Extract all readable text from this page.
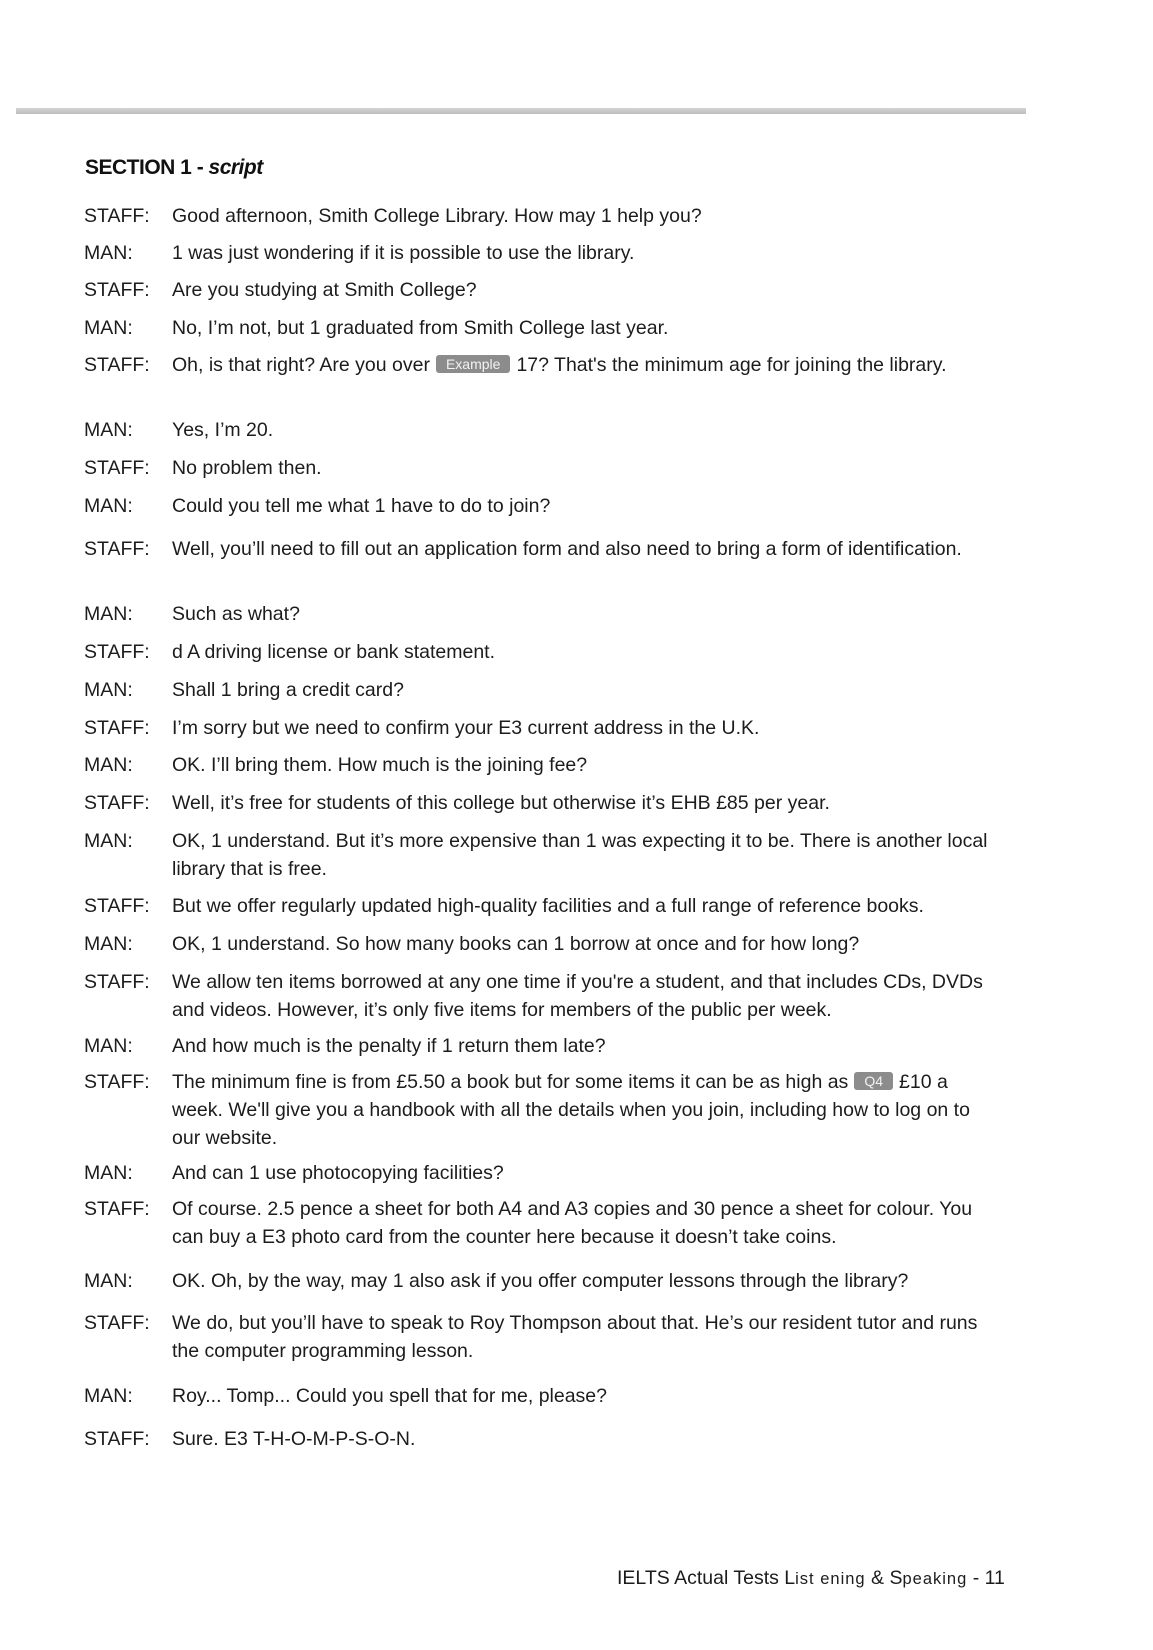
SECTION 1 - script
STAFF: Good afternoon, Smith College Library. How may 1 help you?
MAN: 1 was just wondering if it is possible to use the library.
STAFF: Are you studying at Smith College?
MAN: No, I’m not, but 1 graduated from Smith College last year.
STAFF: Oh, is that right? Are you over Example 17? That's the minimum age for joining the library.
MAN: Yes, I’m 20.
STAFF: No problem then.
MAN: Could you tell me what 1 have to do to join?
STAFF: Well, you’ll need to fill out an application form and also need to bring a form of identification.
MAN: Such as what?
STAFF: d A driving license or bank statement.
MAN: Shall 1 bring a credit card?
STAFF: I’m sorry but we need to confirm your E3 current address in the U.K.
MAN: OK. I’ll bring them. How much is the joining fee?
STAFF: Well, it’s free for students of this college but otherwise it’s EHB £85 per year.
MAN: OK, 1 understand. But it’s more expensive than 1 was expecting it to be. There is another local library that is free.
STAFF: But we offer regularly updated high-quality facilities and a full range of reference books.
MAN: OK, 1 understand. So how many books can 1 borrow at once and for how long?
STAFF: We allow ten items borrowed at any one time if you're a student, and that includes CDs, DVDs and videos. However, it’s only five items for members of the public per week.
MAN: And how much is the penalty if 1 return them late?
STAFF: The minimum fine is from £5.50 a book but for some items it can be as high as Q4 £10 a week. We'll give you a handbook with all the details when you join, including how to log on to our website.
MAN: And can 1 use photocopying facilities?
STAFF: Of course. 2.5 pence a sheet for both A4 and A3 copies and 30 pence a sheet for colour. You can buy a E3 photo card from the counter here because it doesn’t take coins.
MAN: OK. Oh, by the way, may 1 also ask if you offer computer lessons through the library?
STAFF: We do, but you’ll have to speak to Roy Thompson about that. He’s our resident tutor and runs the computer programming lesson.
MAN: Roy... Tomp... Could you spell that for me, please?
STAFF: Sure. E3 T-H-O-M-P-S-O-N.
IELTS Actual Tests List ening & Speaking - 11
